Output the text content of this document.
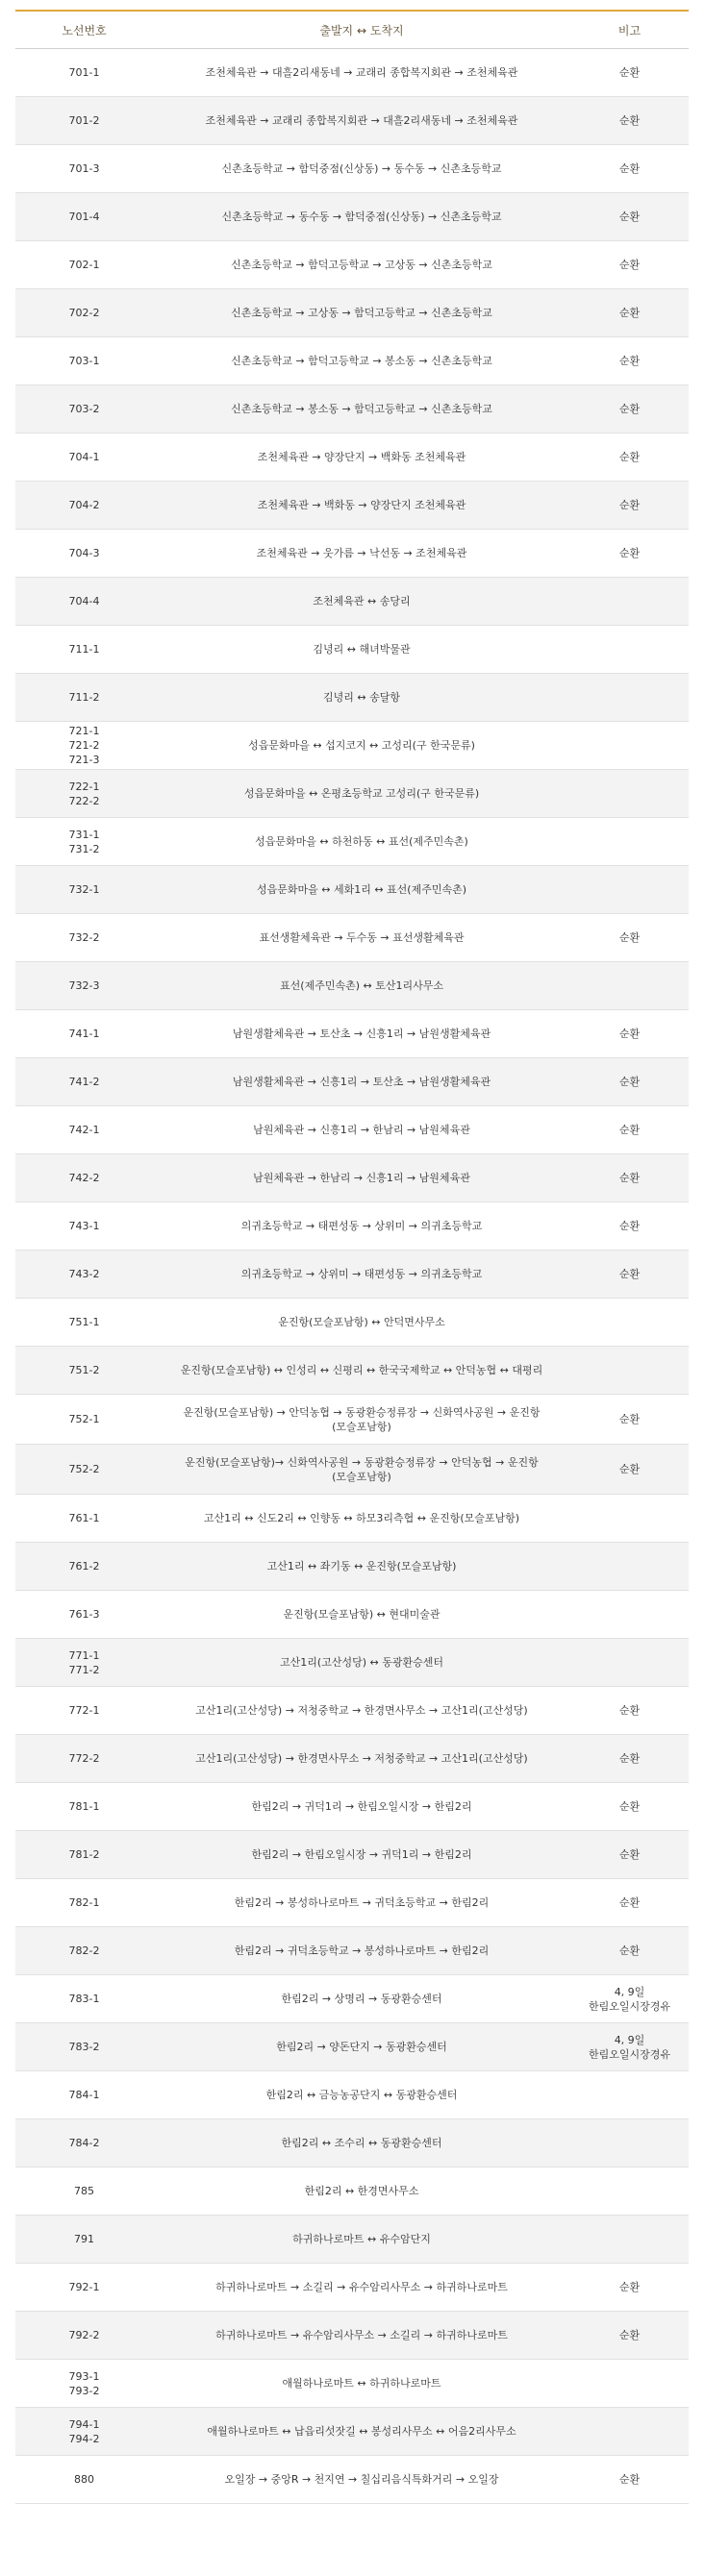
노선번호	출발지 ↔ 도착지	비고

701-1	조천체육관 → 대흘2리새동네 → 교래리 종합복지회관 → 조천체육관	순환

701-2	조천체육관 → 교래리 종합복지회관 → 대흘2리새동네 → 조천체육관	순환

701-3	신촌초등학교 → 함덕중점(신상동) → 동수동 → 신촌초등학교	순환

701-4	신촌초등학교 → 동수동 → 함덕중점(신상동) → 신촌초등학교	순환

702-1	신촌초등학교 → 함덕고등학교 → 고상동 → 신촌초등학교	순환

702-2	신촌초등학교 → 고상동 → 함덕고등학교 → 신촌초등학교	순환

703-1	신촌초등학교 → 함덕고등학교 → 봉소동 → 신촌초등학교	순환

703-2	신촌초등학교 → 봉소동 → 함덕고등학교 → 신촌초등학교	순환

704-1	조천체육관 → 양장단지 → 백화동 조천체육관	순환

704-2	조천체육관 → 백화동 → 양장단지 조천체육관	순환

704-3	조천체육관 → 웃가름 → 낙선동 → 조천체육관	순환

704-4	조천체육관 ↔ 송당리	

711-1	김녕리 ↔ 해녀박물관	

711-2	김녕리 ↔ 송달항	

721-1
721-2
721-3	성읍문화마을 ↔ 섭지코지 ↔ 고성리(구 한국문류)	

722-1
722-2	성읍문화마을 ↔ 온평초등학교 고성리(구 한국문류)	

731-1
731-2	성읍문화마을 ↔ 하천하동 ↔ 표선(제주민속촌)	

732-1	성읍문화마을 ↔ 세화1리 ↔ 표선(제주민속촌)	

732-2	표선생활체육관 → 두수동 → 표선생활체육관	순환

732-3	표선(제주민속촌) ↔ 토산1리사무소	

741-1	남원생활체육관 → 토산초 → 신흥1리 → 남원생활체육관	순환

741-2	남원생활체육관 → 신흥1리 → 토산초 → 남원생활체육관	순환

742-1	남원체육관 → 신흥1리 → 한남리 → 남원체육관	순환

742-2	남원체육관 → 한남리 → 신흥1리 → 남원체육관	순환

743-1	의귀초등학교 → 태편성동 → 상위미 → 의귀초등학교	순환

743-2	의귀초등학교 → 상위미 → 태편성동 → 의귀초등학교	순환

751-1	운진항(모슬포남항) ↔ 안덕면사무소	

751-2	운진항(모슬포남항) ↔ 인성리 ↔ 신평리 ↔ 한국국제학교 ↔ 안덕농협 ↔ 대평리	

752-1	운진항(모슬포남항) → 안덕농협 → 동광환승정류장 → 신화역사공원 → 운진항
(모슬포남항)	순환

752-2	운진항(모슬포남항)→ 신화역사공원 → 동광환승정류장 → 안덕농협 → 운진항
(모슬포남항)	순환

761-1	고산1리 ↔ 신도2리 ↔ 인향동 ↔ 하모3리측협 ↔ 운진항(모슬포남항)	

761-2	고산1리 ↔ 좌기동 ↔ 운진항(모슬포남항)	

761-3	운진항(모슬포남항) ↔ 현대미술관	

771-1
771-2	고산1리(고산성당) ↔ 동광환승센터	

772-1	고산1리(고산성당) → 저청중학교 → 한경면사무소 → 고산1리(고산성당)	순환

772-2	고산1리(고산성당) → 한경면사무소 → 저청중학교 → 고산1리(고산성당)	순환

781-1	한림2리 → 귀덕1리 → 한림오일시장 → 한림2리	순환

781-2	한림2리 → 한림오일시장 → 귀덕1리 → 한림2리	순환

782-1	한림2리 → 봉성하나로마트 → 귀덕초등학교 → 한림2리	순환

782-2	한림2리 → 귀덕초등학교 → 봉성하나로마트 → 한림2리	순환

783-1	한림2리 → 상명리 → 동광환승센터	4, 9일
한림오일시장경유

783-2	한림2리 → 양돈단지 → 동광환승센터	4, 9일
한림오일시장경유

784-1	한림2리 ↔ 금능농공단지 ↔ 동광환승센터	

784-2	한림2리 ↔ 조수리 ↔ 동광환승센터	

785	한림2리 ↔ 한경면사무소	

791	하귀하나로마트 ↔ 유수암단지	

792-1	하귀하나로마트 → 소길리 → 유수암리사무소 → 하귀하나로마트	순환

792-2	하귀하나로마트 → 유수암리사무소 → 소길리 → 하귀하나로마트	순환

793-1
793-2	애월하나로마트 ↔ 하귀하나로마트	

794-1
794-2	애월하나로마트 ↔ 납읍리섯잣길 ↔ 봉성리사무소 ↔ 어음2리사무소	

880	오일장 → 중앙R → 천지연 → 칠십리음식특화거리 → 오일장	순환
